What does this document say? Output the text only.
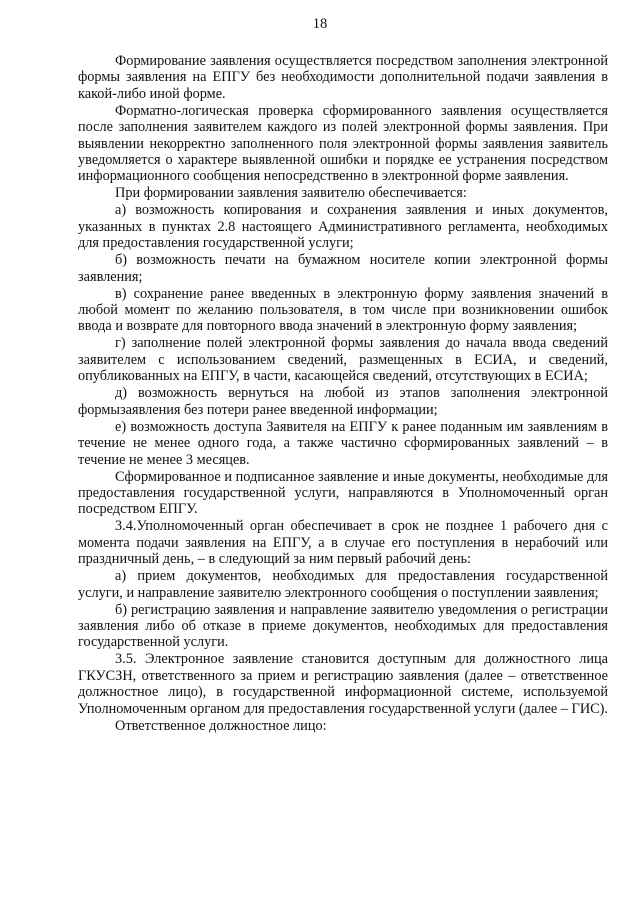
18

Формирование заявления осуществляется посредством заполнения электронной формы заявления на ЕПГУ без необходимости дополнительной подачи заявления в какой-либо иной форме.

Форматно-логическая проверка сформированного заявления осуществляется после заполнения заявителем каждого из полей электронной формы заявления. При выявлении некорректно заполненного поля электронной формы заявления заявитель уведомляется о характере выявленной ошибки и порядке ее устранения посредством информационного сообщения непосредственно в электронной форме заявления.

При формировании заявления заявителю обеспечивается:

а) возможность копирования и сохранения заявления и иных документов, указанных в пунктах 2.8 настоящего Административного регламента, необходимых для предоставления государственной услуги;

б) возможность печати на бумажном носителе копии электронной формы заявления;

в) сохранение ранее введенных в электронную форму заявления значений в любой момент по желанию пользователя, в том числе при возникновении ошибок ввода и возврате для повторного ввода значений в электронную форму заявления;

г) заполнение полей электронной формы заявления до начала ввода сведений заявителем с использованием сведений, размещенных в ЕСИА, и сведений, опубликованных на ЕПГУ, в части, касающейся сведений, отсутствующих в ЕСИА;

д) возможность вернуться на любой из этапов заполнения электронной формызаявления без потери ранее введенной информации;

е) возможность доступа Заявителя на ЕПГУ к ранее поданным им заявлениям в течение не менее одного года, а также частично сформированных заявлений – в течение не менее 3 месяцев.

Сформированное и подписанное заявление и иные документы, необходимые для предоставления государственной услуги, направляются в Уполномоченный орган посредством ЕПГУ.

3.4.Уполномоченный орган обеспечивает в срок не позднее 1 рабочего дня с момента подачи заявления на ЕПГУ, а в случае его поступления в нерабочий или праздничный день, – в следующий за ним первый рабочий день:

а) прием документов, необходимых для предоставления государственной услуги, и направление заявителю электронного сообщения о поступлении заявления;

б) регистрацию заявления и направление заявителю уведомления о регистрации заявления либо об отказе в приеме документов, необходимых для предоставления государственной услуги.

3.5. Электронное заявление становится доступным для должностного лица ГКУСЗН, ответственного за прием и регистрацию заявления (далее – ответственное должностное лицо), в государственной информационной системе, используемой Уполномоченным органом для предоставления государственной услуги (далее – ГИС).

Ответственное должностное лицо:
